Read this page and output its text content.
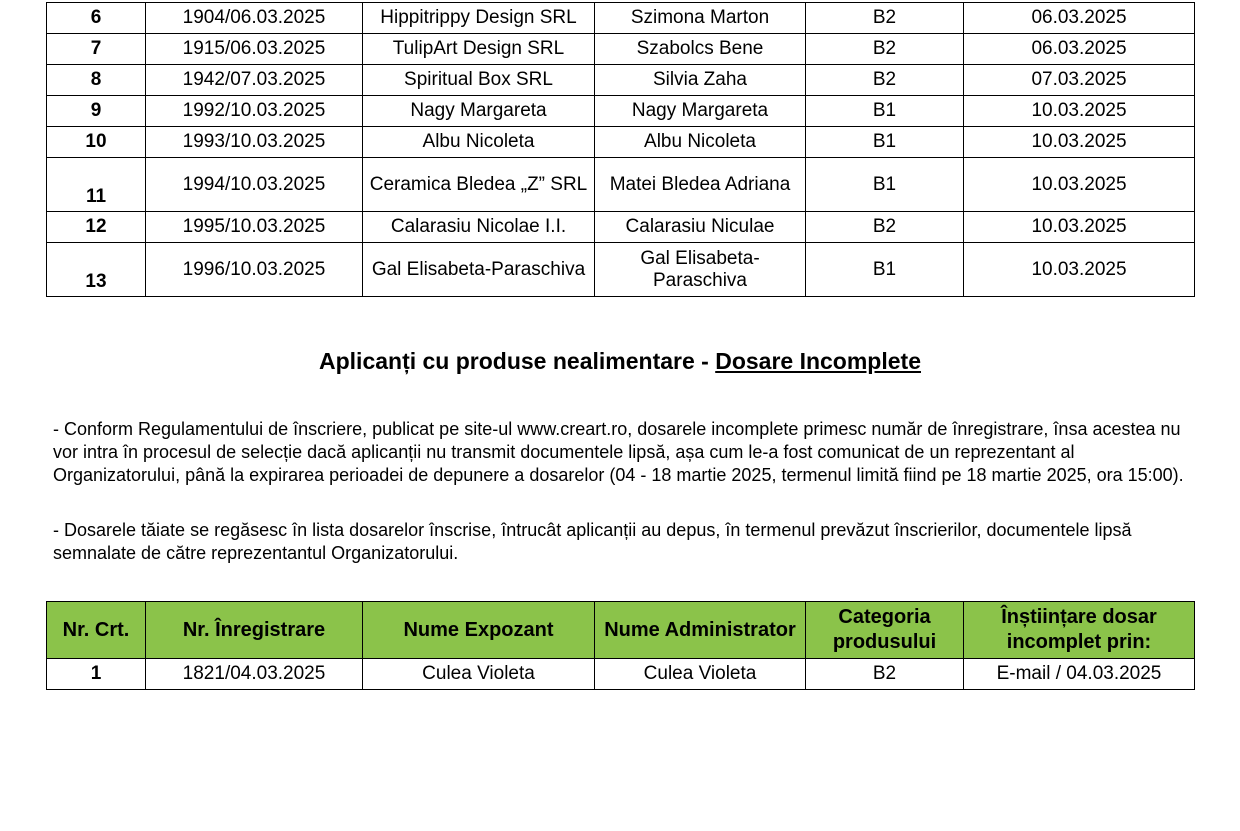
6	1904/06.03.2025	Hippitrippy Design SRL	Szimona Marton	B2	06.03.2025
7	1915/06.03.2025	TulipArt Design SRL	Szabolcs Bene	B2	06.03.2025
8	1942/07.03.2025	Spiritual Box SRL	Silvia Zaha	B2	07.03.2025
9	1992/10.03.2025	Nagy Margareta	Nagy Margareta	B1	10.03.2025
10	1993/10.03.2025	Albu Nicoleta	Albu Nicoleta	B1	10.03.2025
11	1994/10.03.2025	Ceramica Bledea „Z” SRL	Matei Bledea Adriana	B1	10.03.2025
12	1995/10.03.2025	Calarasiu Nicolae I.I.	Calarasiu Niculae	B2	10.03.2025
13	1996/10.03.2025	Gal Elisabeta-Paraschiva	Gal Elisabeta-Paraschiva	B1	10.03.2025
Aplicanți cu produse nealimentare - Dosare Incomplete

- Conform Regulamentului de înscriere, publicat pe site-ul www.creart.ro, dosarele incomplete primesc număr de înregistrare, însa acestea nu vor intra în procesul de selecție dacă aplicanții nu transmit documentele lipsă, așa cum le-a fost comunicat de un reprezentant al Organizatorului, până la expirarea perioadei de depunere a dosarelor (04 - 18 martie 2025, termenul limită fiind pe 18 martie 2025, ora 15:00).

- Dosarele tăiate se regăsesc în lista dosarelor înscrise, întrucât aplicanții au depus, în termenul prevăzut înscrierilor, documentele lipsă semnalate de către reprezentantul Organizatorului.

Nr. Crt.	Nr. Înregistrare	Nume Expozant	Nume Administrator	Categoria produsului	Înștiințare dosar incomplet prin:
1	1821/04.03.2025	Culea Violeta	Culea Violeta	B2	E-mail / 04.03.2025
